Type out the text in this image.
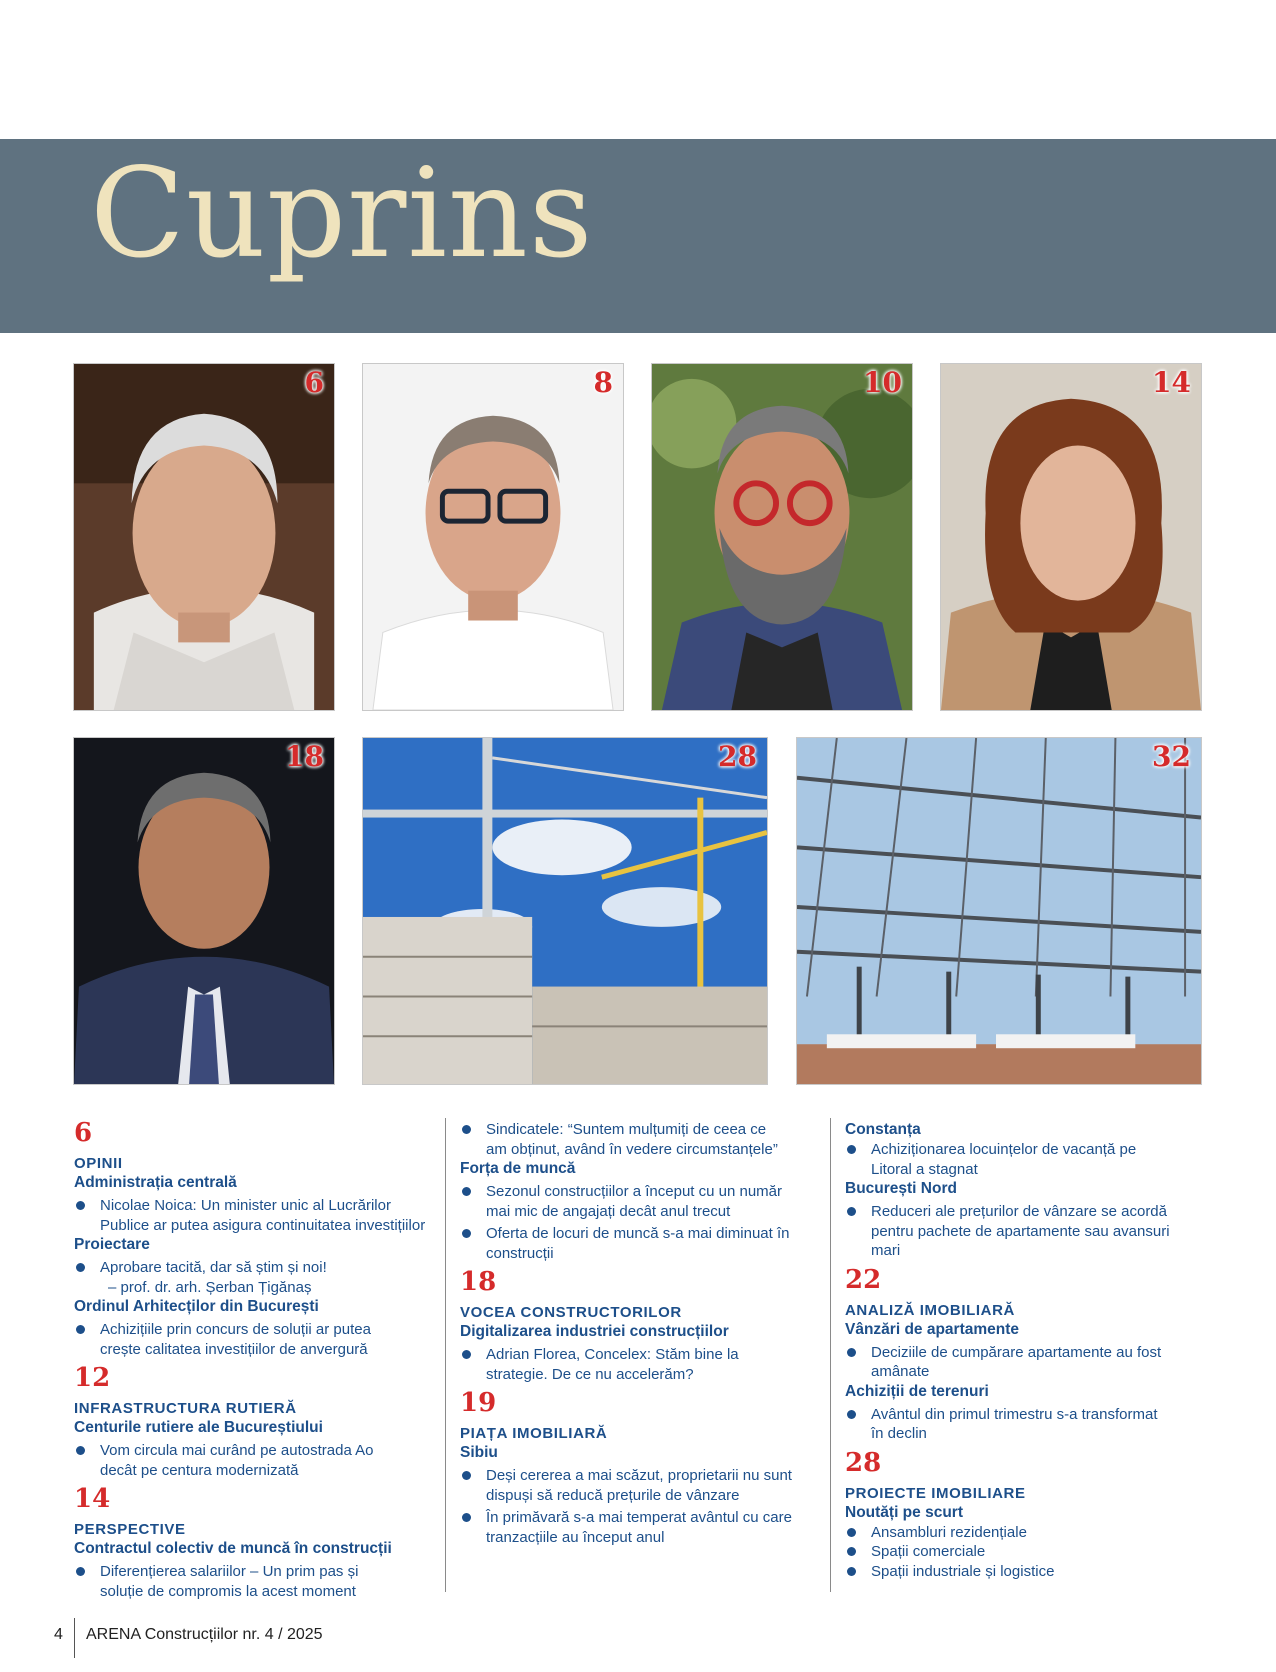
Cuprins
6	8	10	14
18	28	32
6
OPINII
Administrația centrală
Nicolae Noica: Un minister unic al Lucrărilor
Publice ar putea asigura continuitatea investițiilor
Proiectare
Aprobare tacită, dar să știm și noi!
– prof. dr. arh. Șerban Țigănaș
Ordinul Arhitecților din București
Achizițiile prin concurs de soluții ar putea
crește calitatea investițiilor de anvergură
12
INFRASTRUCTURA RUTIERĂ
Centurile rutiere ale Bucureștiului
Vom circula mai curând pe autostrada Ao
decât pe centura modernizată
14
PERSPECTIVE
Contractul colectiv de muncă în construcții
Diferențierea salariilor – Un prim pas și
soluție de compromis la acest moment
Sindicatele: “Suntem mulțumiți de ceea ce
am obținut, având în vedere circumstanțele”
Forța de muncă
Sezonul construcțiilor a început cu un număr
mai mic de angajați decât anul trecut
Oferta de locuri de muncă s-a mai diminuat în
construcții
18
VOCEA CONSTRUCTORILOR
Digitalizarea industriei construcțiilor
Adrian Florea, Concelex: Stăm bine la
strategie. De ce nu accelerăm?
19
PIAȚA IMOBILIARĂ
Sibiu
Deși cererea a mai scăzut, proprietarii nu sunt
dispuși să reducă prețurile de vânzare
În primăvară s-a mai temperat avântul cu care
tranzacțiile au început anul
Constanța
Achiziționarea locuințelor de vacanță pe
Litoral a stagnat
București Nord
Reduceri ale prețurilor de vânzare se acordă
pentru pachete de apartamente sau avansuri
mari
22
ANALIZĂ IMOBILIARĂ
Vânzări de apartamente
Deciziile de cumpărare apartamente au fost
amânate
Achiziții de terenuri
Avântul din primul trimestru s-a transformat
în declin
28
PROIECTE IMOBILIARE
Noutăți pe scurt
Ansambluri rezidențiale
Spații comerciale
Spații industriale și logistice
4 ARENA Construcțiilor nr. 4 / 2025
